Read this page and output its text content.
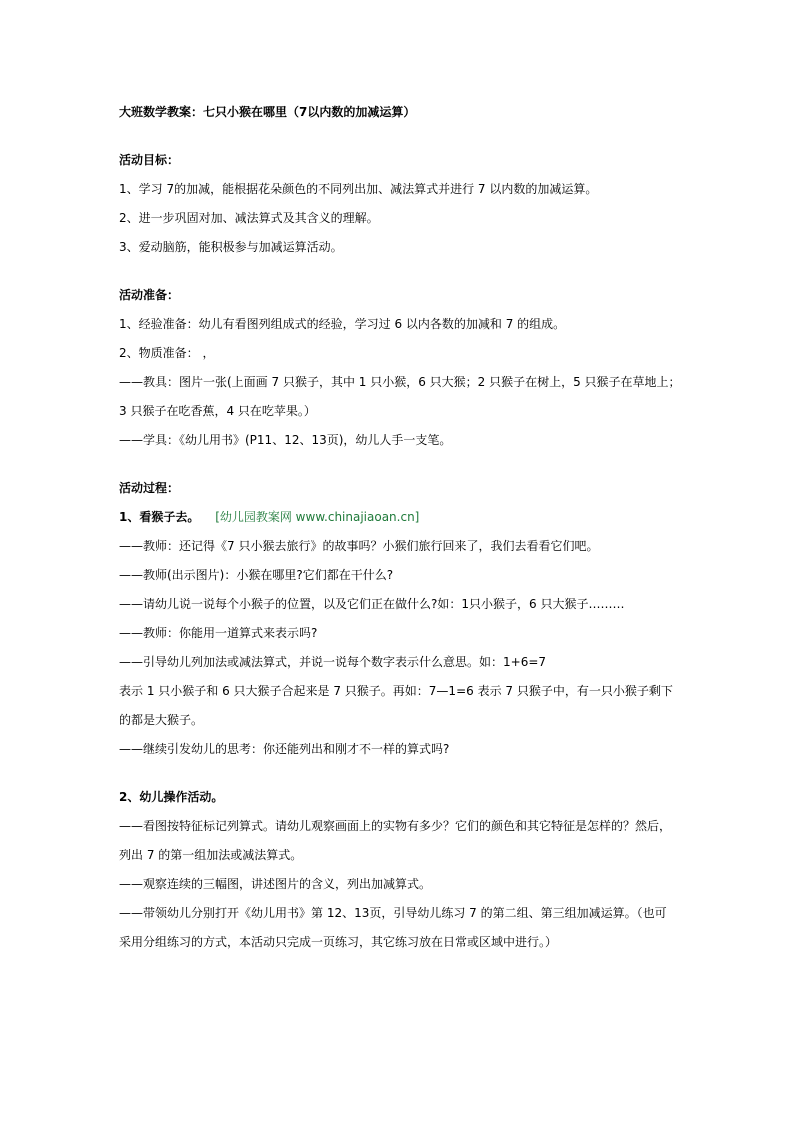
大班数学教案：七只小猴在哪里（7以内数的加减运算）
活动目标：
1、学习 7的加减，能根据花朵颜色的不同列出加、减法算式并进行 7 以内数的加减运算。
2、进一步巩固对加、减法算式及其含义的理解。
3、爱动脑筋，能积极参与加减运算活动。
活动准备：
1、经验准备：幼儿有看图列组成式的经验，学习过 6 以内各数的加减和 7 的组成。
2、物质准备： ，
——教具：图片一张(上面画 7 只猴子，其中 1 只小猴，6 只大猴；2 只猴子在树上，5 只猴子在草地上；
3 只猴子在吃香蕉，4 只在吃苹果。）
——学具：《幼儿用书》(P11、12、13页)，幼儿人手一支笔。
活动过程：
1、看猴子去。 [幼儿园教案网 www.chinajiaoan.cn]
——教师：还记得《7 只小猴去旅行》的故事吗？小猴们旅行回来了，我们去看看它们吧。
——教师(出示图片)：小猴在哪里?它们都在干什么?
——请幼儿说一说每个小猴子的位置，以及它们正在做什么?如：1只小猴子，6 只大猴子………
——教师：你能用一道算式来表示吗?
——引导幼儿列加法或减法算式，并说一说每个数字表示什么意思。如：1+6=7
表示 1 只小猴子和 6 只大猴子合起来是 7 只猴子。再如：7—1=6 表示 7 只猴子中，有一只小猴子剩下
的都是大猴子。
——继续引发幼儿的思考：你还能列出和刚才不一样的算式吗?
2、幼儿操作活动。
——看图按特征标记列算式。请幼儿观察画面上的实物有多少？它们的颜色和其它特征是怎样的？然后，
列出 7 的第一组加法或减法算式。
——观察连续的三幅图，讲述图片的含义，列出加减算式。
——带领幼儿分别打开《幼儿用书》第 12、13页，引导幼儿练习 7 的第二组、第三组加减运算。（也可
采用分组练习的方式，本活动只完成一页练习，其它练习放在日常或区域中进行。）
